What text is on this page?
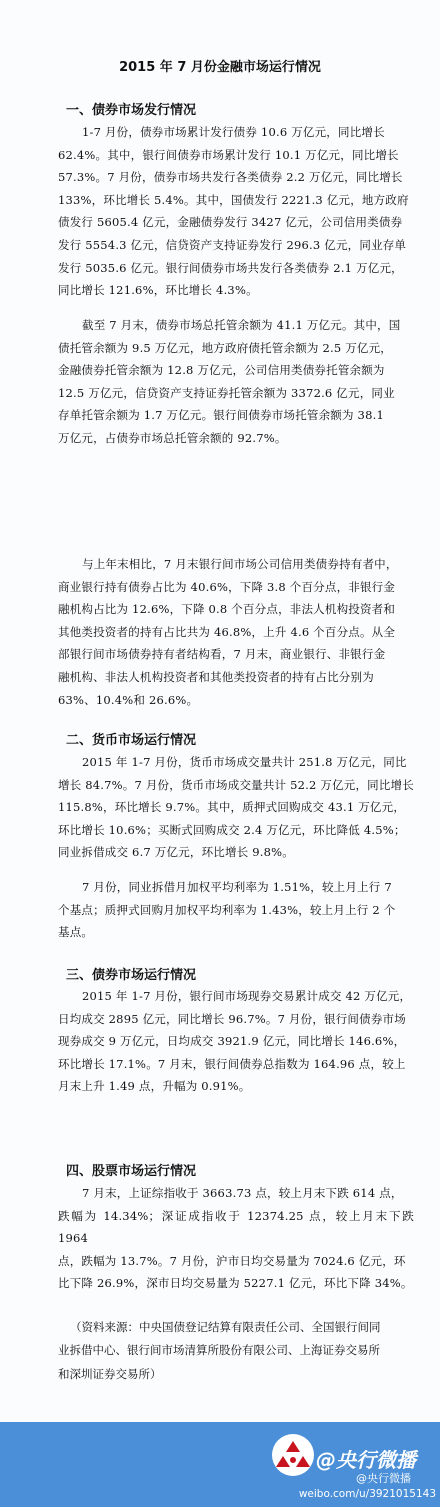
2015 年 7 月份金融市场运行情况
一、债券市场发行情况
1-7 月份，债券市场累计发行债券 10.6 万亿元，同比增长
62.4%。其中，银行间债券市场累计发行 10.1 万亿元，同比增长
57.3%。7 月份，债券市场共发行各类债券 2.2 万亿元，同比增长
133%，环比增长 5.4%。其中，国债发行 2221.3 亿元，地方政府
债发行 5605.4 亿元，金融债券发行 3427 亿元，公司信用类债券
发行 5554.3 亿元，信贷资产支持证券发行 296.3 亿元，同业存单
发行 5035.6 亿元。银行间债券市场共发行各类债券 2.1 万亿元，
同比增长 121.6%，环比增长 4.3%。
截至 7 月末，债券市场总托管余额为 41.1 万亿元。其中，国
债托管余额为 9.5 万亿元，地方政府债托管余额为 2.5 万亿元，
金融债券托管余额为 12.8 万亿元，公司信用类债券托管余额为
12.5 万亿元，信贷资产支持证券托管余额为 3372.6 亿元，同业
存单托管余额为 1.7 万亿元。银行间债券市场托管余额为 38.1
万亿元，占债券市场总托管余额的 92.7%。
与上年末相比，7 月末银行间市场公司信用类债券持有者中，
商业银行持有债券占比为 40.6%，下降 3.8 个百分点，非银行金
融机构占比为 12.6%，下降 0.8 个百分点，非法人机构投资者和
其他类投资者的持有占比共为 46.8%，上升 4.6 个百分点。从全
部银行间市场债券持有者结构看，7 月末，商业银行、非银行金
融机构、非法人机构投资者和其他类投资者的持有占比分别为
63%、10.4%和 26.6%。
二、货币市场运行情况
2015 年 1-7 月份，货币市场成交量共计 251.8 万亿元，同比
增长 84.7%。7 月份，货币市场成交量共计 52.2 万亿元，同比增长
115.8%，环比增长 9.7%。其中，质押式回购成交 43.1 万亿元，
环比增长 10.6%；买断式回购成交 2.4 万亿元，环比降低 4.5%；
同业拆借成交 6.7 万亿元，环比增长 9.8%。
7 月份，同业拆借月加权平均利率为 1.51%，较上月上行 7
个基点；质押式回购月加权平均利率为 1.43%，较上月上行 2 个
基点。
三、债券市场运行情况
2015 年 1-7 月份，银行间市场现券交易累计成交 42 万亿元，
日均成交 2895 亿元，同比增长 96.7%。7 月份，银行间债券市场
现券成交 9 万亿元，日均成交 3921.9 亿元，同比增长 146.6%，
环比增长 17.1%。7 月末，银行间债券总指数为 164.96 点，较上
月末上升 1.49 点，升幅为 0.91%。
四、股票市场运行情况
7 月末，上证综指收于 3663.73 点，较上月末下跌 614 点，
跌幅为 14.34%；深证成指收于 12374.25 点，较上月末下跌 1964
点，跌幅为 13.7%。7 月份，沪市日均交易量为 7024.6 亿元，环
比下降 26.9%，深市日均交易量为 5227.1 亿元，环比下降 34%。
（资料来源：中央国债登记结算有限责任公司、全国银行间同
业拆借中心、银行间市场清算所股份有限公司、上海证券交易所
和深圳证券交易所）
@央行微播
@央行微播
weibo.com/u/3921015143
